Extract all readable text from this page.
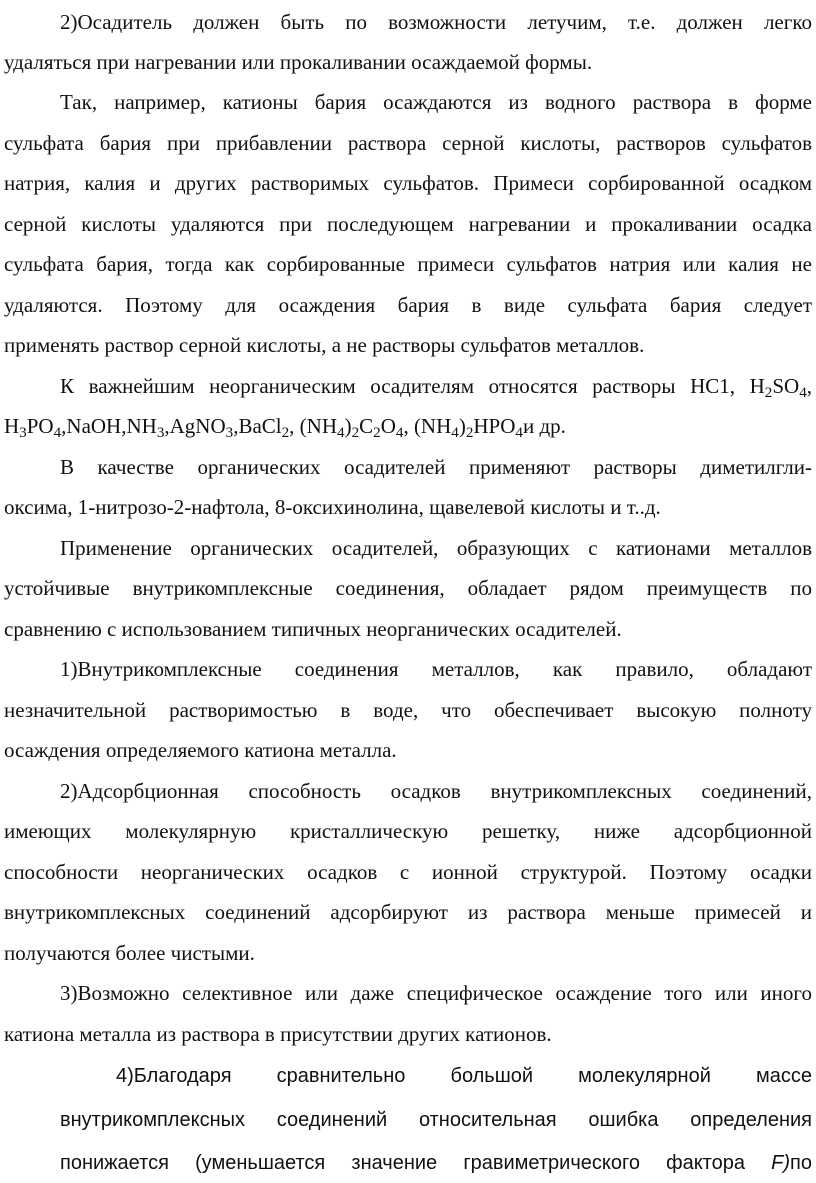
2)Осадитель должен быть по возможности летучим, т.е. должен легко
удаляться при нагревании или прокаливании осаждаемой формы.
Так, например, катионы бария осаждаются из водного раствора в форме
сульфата бария при прибавлении раствора серной кислоты, растворов сульфатов
натрия, калия и других растворимых сульфатов. Примеси сорбированной осадком
серной кислоты удаляются при последующем нагревании и прокаливании осадка
сульфата бария, тогда как сорбированные примеси сульфатов натрия или калия не
удаляются. Поэтому для осаждения бария в виде сульфата бария следует
применять раствор серной кислоты, а не растворы сульфатов металлов.
К важнейшим неорганическим осадителям относятся растворы НС1, $Н_2SO_4$,
$H_3PO_4,NaOH,NH_3,AgNO_3,BaCl_2$, $(NH_4)_2C_2O_4$, $(NH_4)_2HPO_4и$ др.
В качестве органических осадителей применяют растворы диметилгли-
оксима, 1-нитрозо-2-нафтола, 8-оксихинолина, щавелевой кислоты и т..д.
Применение органических осадителей, образующих с катионами металлов
устойчивые внутрикомплексные соединения, обладает рядом преимуществ по
сравнению с использованием типичных неорганических осадителей.
1)Внутрикомплексные соединения металлов, как правило, обладают
незначительной растворимостью в воде, что обеспечивает высокую полноту
осаждения определяемого катиона металла.
2)Адсорбционная способность осадков внутрикомплексных соединений,
имеющих молекулярную кристаллическую решетку, ниже адсорбционной
способности неорганических осадков с ионной структурой. Поэтому осадки
внутрикомплексных соединений адсорбируют из раствора меньше примесей и
получаются более чистыми.
3)Возможно селективное или даже специфическое осаждение того или иного
катиона металла из раствора в присутствии других катионов.
4)Благодаря сравнительно большой молекулярной массе
внутрикомплексных соединений относительная ошибка определения
понижается (уменьшается значение гравиметрического фактора F)по
